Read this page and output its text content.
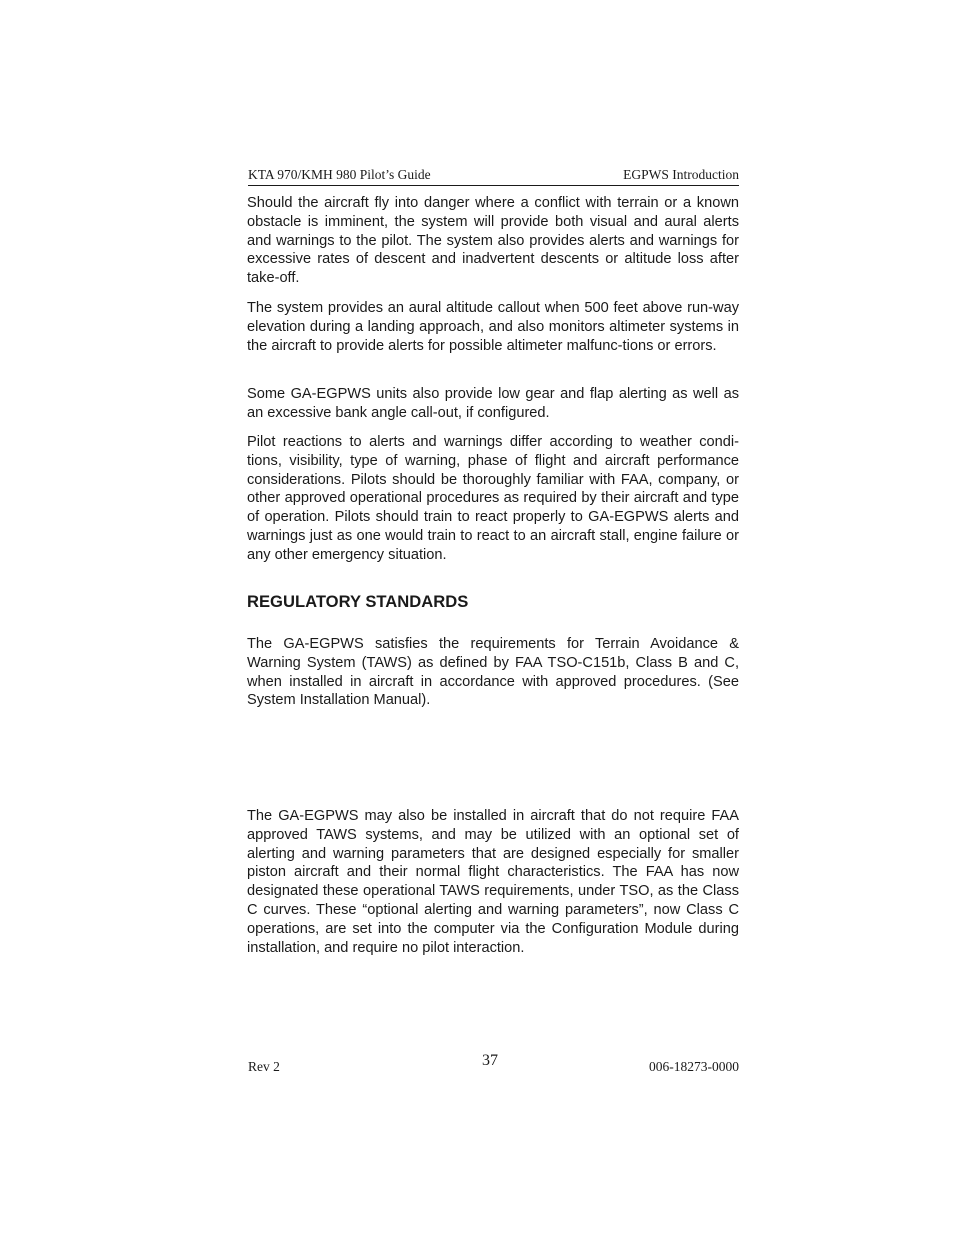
KTA 970/KMH 980 Pilot’s Guide	EGPWS Introduction

Should the aircraft fly into danger where a conflict with terrain or a known obstacle is imminent, the system will provide both visual and aural alerts and warnings to the pilot. The system also provides alerts and warnings for excessive rates of descent and inadvertent descents or altitude loss after take-off.

The system provides an aural altitude callout when 500 feet above run-way elevation during a landing approach, and also monitors altimeter systems in the aircraft to provide alerts for possible altimeter malfunc-tions or errors.

Some GA-EGPWS units also provide low gear and flap alerting as well as an excessive bank angle call-out, if configured.

Pilot reactions to alerts and warnings differ according to weather condi-tions, visibility, type of warning, phase of flight and aircraft performance considerations. Pilots should be thoroughly familiar with FAA, company, or other approved operational procedures as required by their aircraft and type of operation. Pilots should train to react properly to GA-EGPWS alerts and warnings just as one would train to react to an aircraft stall, engine failure or any other emergency situation.

REGULATORY STANDARDS

The GA-EGPWS satisfies the requirements for Terrain Avoidance & Warning System (TAWS) as defined by FAA TSO-C151b, Class B and C, when installed in aircraft in accordance with approved procedures. (See System Installation Manual).

The GA-EGPWS may also be installed in aircraft that do not require FAA approved TAWS systems, and may be utilized with an optional set of alerting and warning parameters that are designed especially for smaller piston aircraft and their normal flight characteristics. The FAA has now designated these operational TAWS requirements, under TSO, as the Class C curves. These “optional alerting and warning parameters”, now Class C operations, are set into the computer via the Configuration Module during installation, and require no pilot interaction.

Rev 2	37	006-18273-0000
